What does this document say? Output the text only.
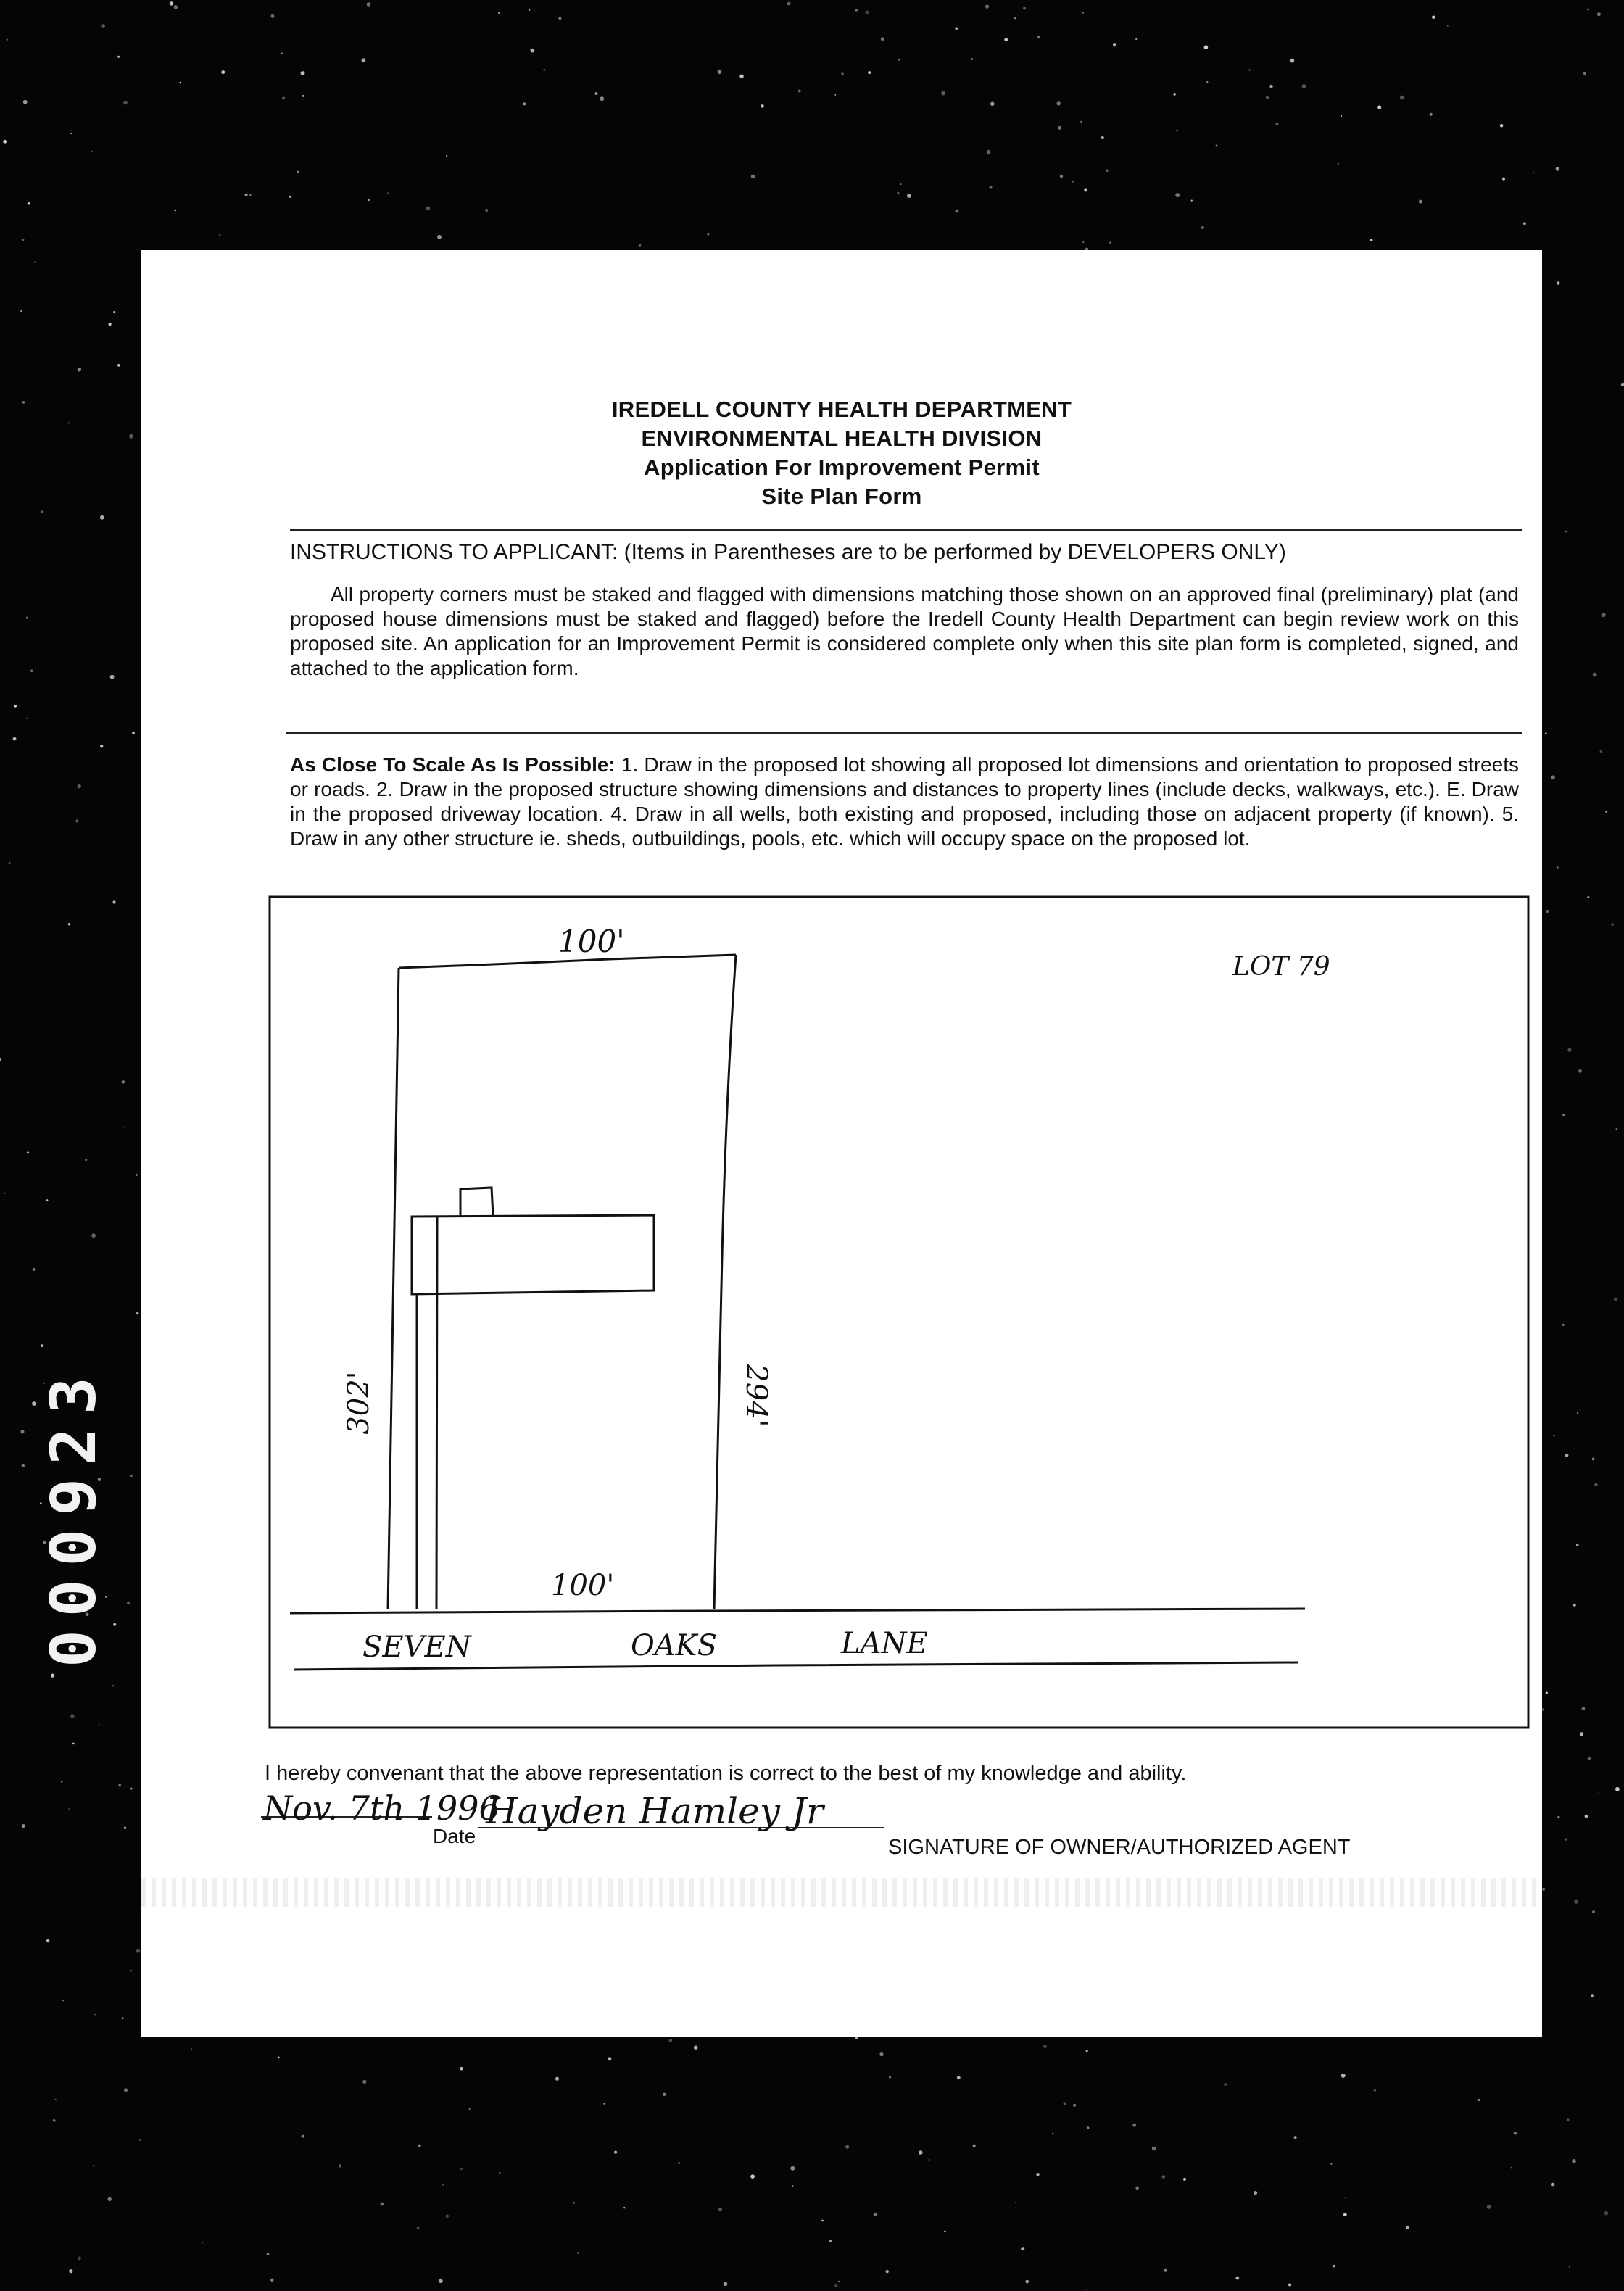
000923
IREDELL COUNTY HEALTH DEPARTMENT
ENVIRONMENTAL HEALTH DIVISION
Application For Improvement Permit
Site Plan Form
INSTRUCTIONS TO APPLICANT: (Items in Parentheses are to be performed by DEVELOPERS ONLY)
All property corners must be staked and flagged with dimensions matching those shown on an approved final (preliminary) plat (and proposed house dimensions must be staked and flagged) before the Iredell County Health Department can begin review work on this proposed site. An application for an Improvement Permit is considered complete only when this site plan form is completed, signed, and attached to the application form.
As Close To Scale As Is Possible: 1. Draw in the proposed lot showing all proposed lot dimensions and orientation to proposed streets or roads. 2. Draw in the proposed structure showing dimensions and distances to property lines (include decks, walkways, etc.). E. Draw in the proposed driveway location. 4. Draw in all wells, both existing and proposed, including those on adjacent property (if known). 5. Draw in any other structure ie. sheds, outbuildings, pools, etc. which will occupy space on the proposed lot.
100'
100'
302'	294'
LOT 79
SEVEN	OAKS	LANE
I hereby convenant that the above representation is correct to the best of my knowledge and ability.
Nov. 7th 1996
Hayden Hamley Jr
Date	SIGNATURE OF OWNER/AUTHORIZED AGENT
